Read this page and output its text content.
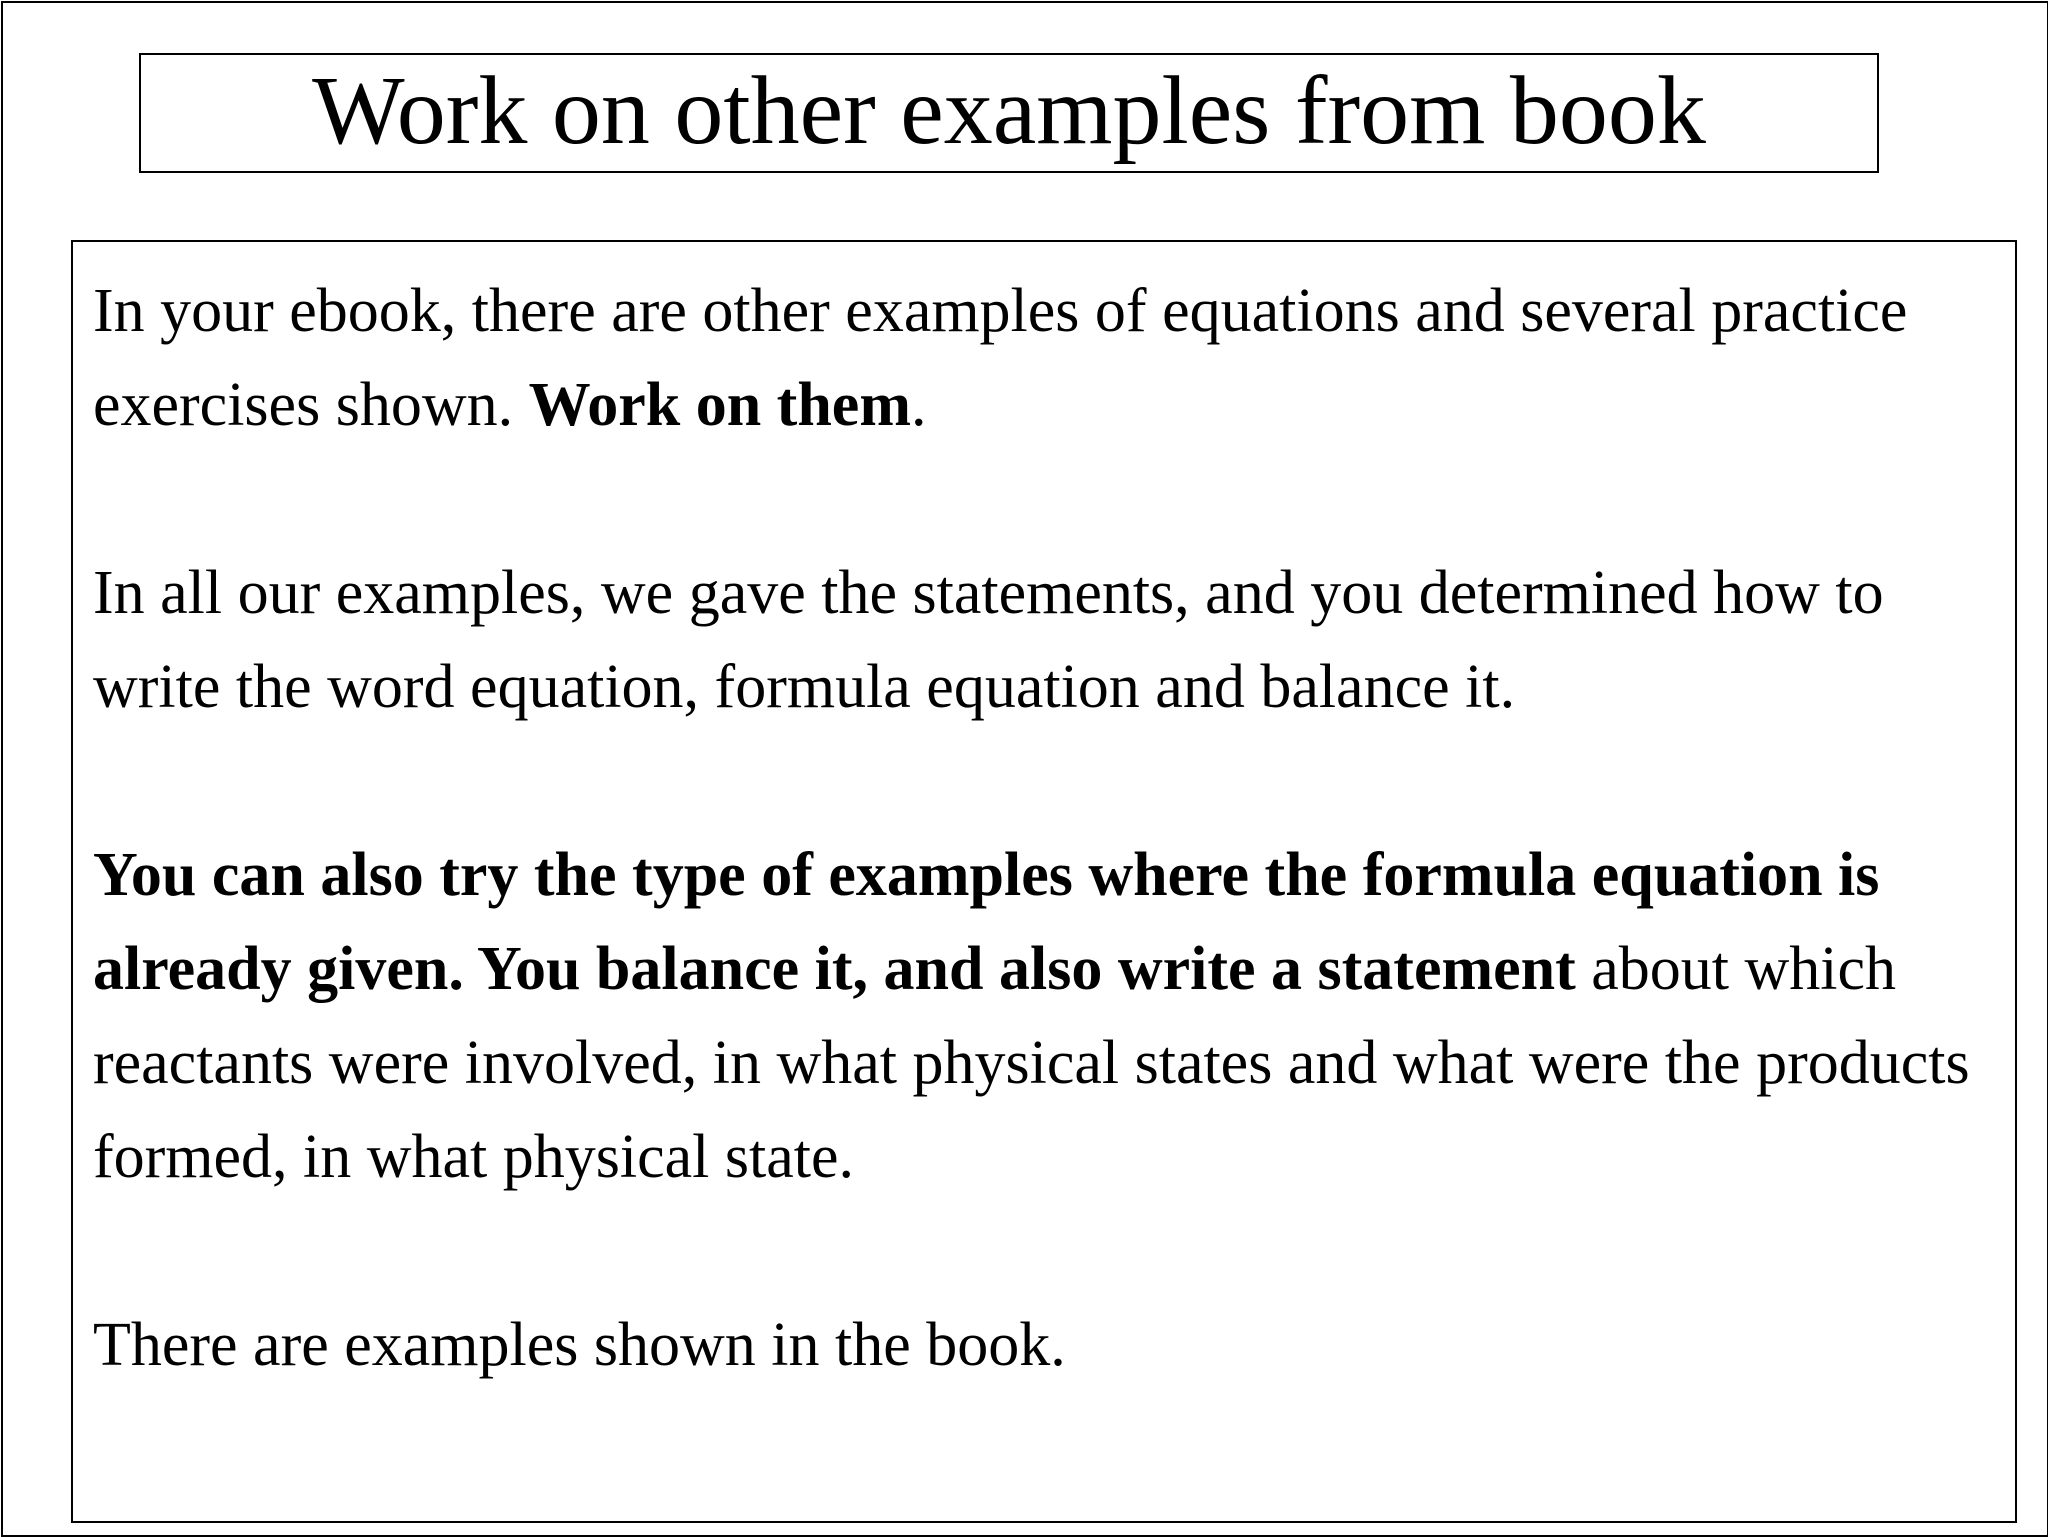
Work on other examples from book

In your ebook, there are other examples of equations and several practice exercises shown. Work on them.

In all our examples, we gave the statements, and you determined how to write the word equation, formula equation and balance it.

You can also try the type of examples where the formula equation is already given. You balance it, and also write a statement about which reactants were involved, in what physical states and what were the products formed, in what physical state.

There are examples shown in the book.
